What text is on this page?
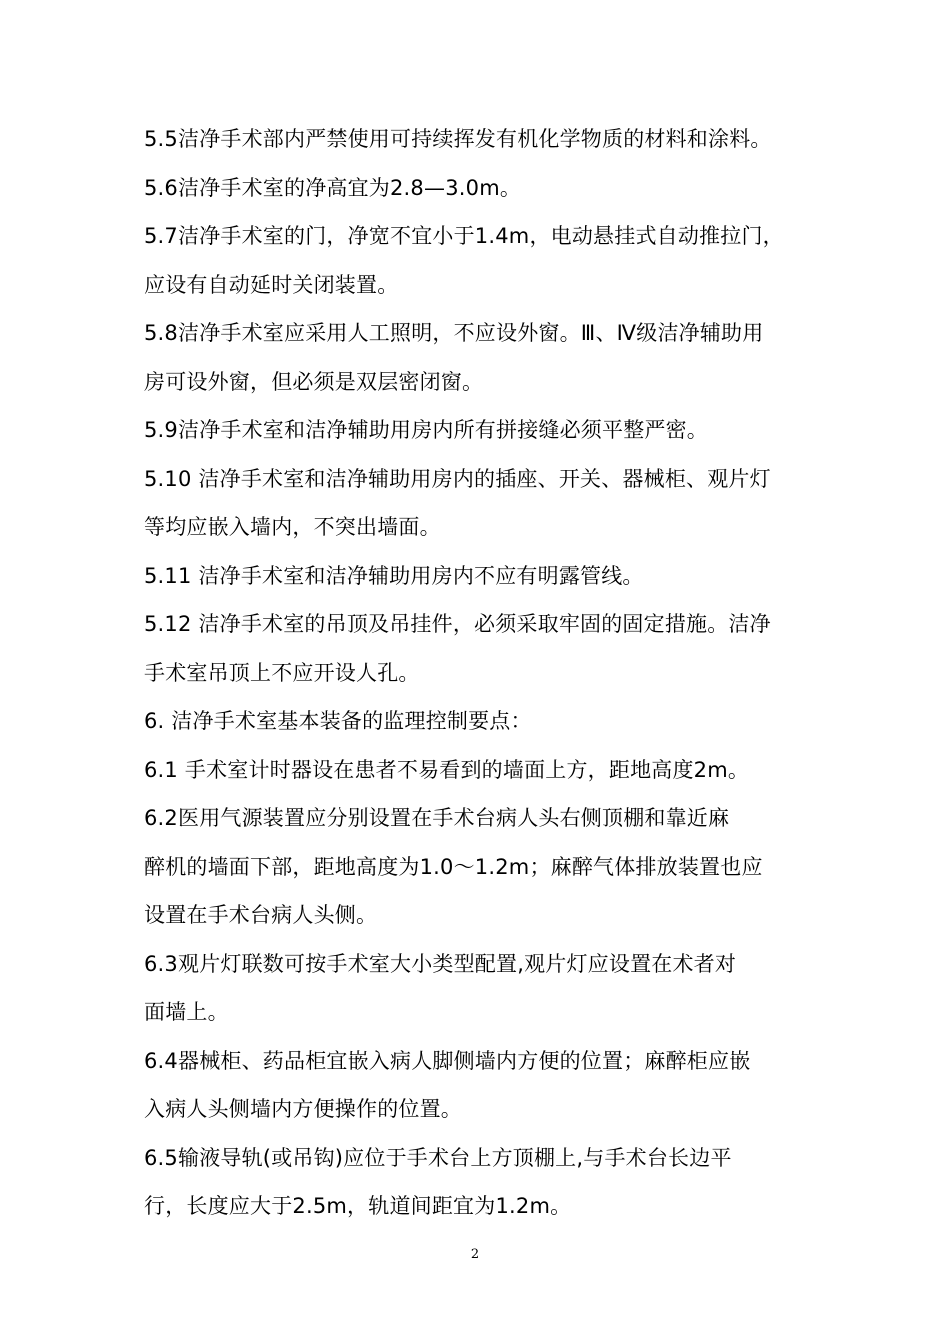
5.5洁净手术部内严禁使用可持续挥发有机化学物质的材料和涂料。
5.6洁净手术室的净高宜为2.8—3.0m。
5.7洁净手术室的门，净宽不宜小于1.4m，电动悬挂式自动推拉门，
应设有自动延时关闭装置。
5.8洁净手术室应采用人工照明，不应设外窗。Ⅲ、Ⅳ级洁净辅助用
房可设外窗，但必须是双层密闭窗。
5.9洁净手术室和洁净辅助用房内所有拼接缝必须平整严密。
5.10 洁净手术室和洁净辅助用房内的插座、开关、器械柜、观片灯
等均应嵌入墙内，不突出墙面。
5.11 洁净手术室和洁净辅助用房内不应有明露管线。
5.12 洁净手术室的吊顶及吊挂件，必须采取牢固的固定措施。洁净
手术室吊顶上不应开设人孔。
6. 洁净手术室基本装备的监理控制要点：
6.1 手术室计时器设在患者不易看到的墙面上方，距地高度2m。
6.2医用气源装置应分别设置在手术台病人头右侧顶棚和靠近麻
醉机的墙面下部，距地高度为1.0～1.2m；麻醉气体排放装置也应
设置在手术台病人头侧。
6.3观片灯联数可按手术室大小类型配置,观片灯应设置在术者对
面墙上。
6.4器械柜、药品柜宜嵌入病人脚侧墙内方便的位置；麻醉柜应嵌
入病人头侧墙内方便操作的位置。
6.5输液导轨(或吊钩)应位于手术台上方顶棚上,与手术台长边平
行，长度应大于2.5m，轨道间距宜为1.2m。
2
